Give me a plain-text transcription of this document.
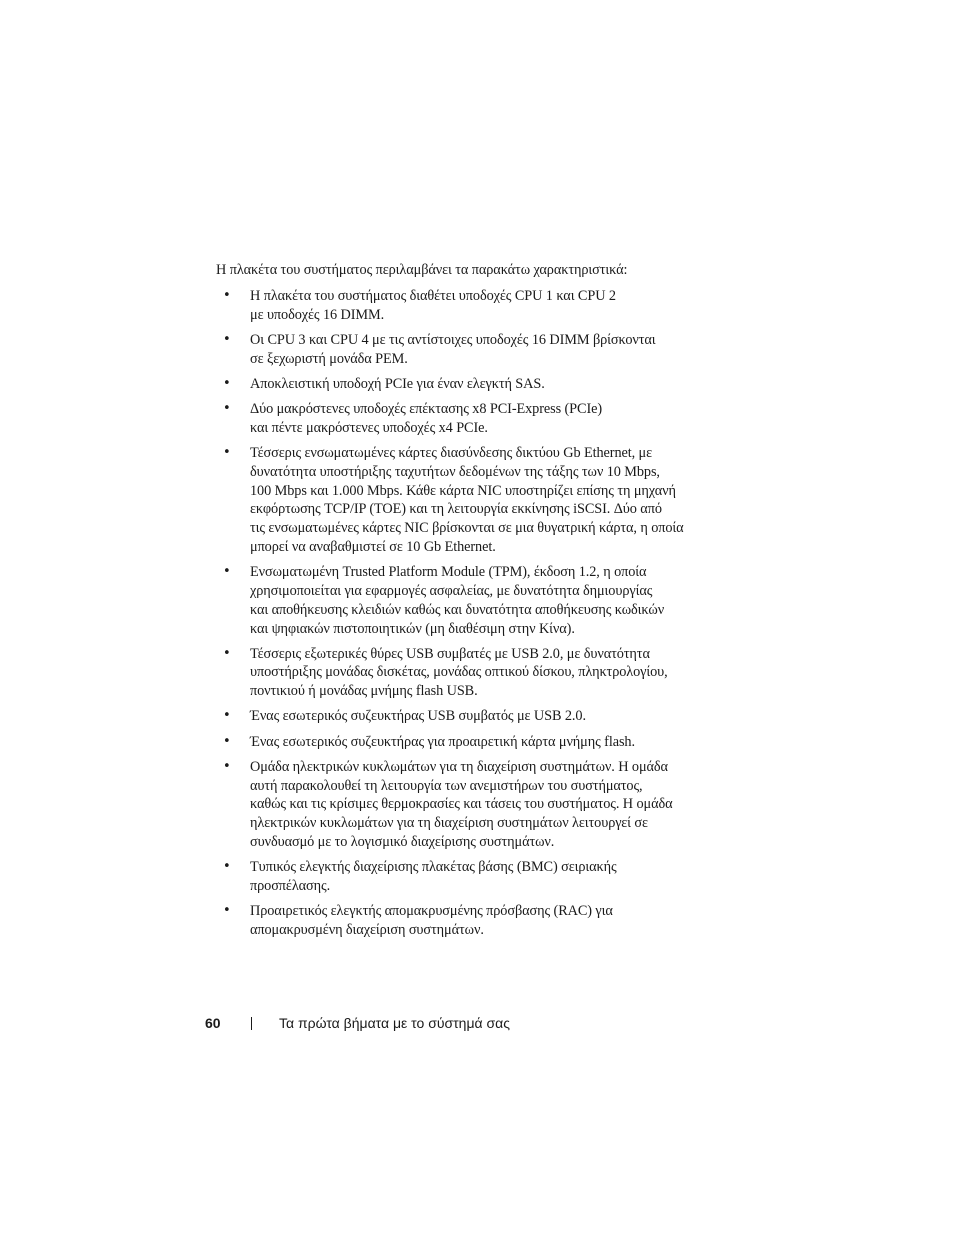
Η πλακέτα του συστήματος περιλαμβάνει τα παρακάτω χαρακτηριστικά:

• Η πλακέτα του συστήματος διαθέτει υποδοχές CPU 1 και CPU 2
με υποδοχές 16 DIMM.
• Οι CPU 3 και CPU 4 με τις αντίστοιχες υποδοχές 16 DIMM βρίσκονται
σε ξεχωριστή μονάδα PEM.
• Αποκλειστική υποδοχή PCIe για έναν ελεγκτή SAS.
• Δύο μακρόστενες υποδοχές επέκτασης x8 PCI-Express (PCIe)
και πέντε μακρόστενες υποδοχές x4 PCIe.
• Τέσσερις ενσωματωμένες κάρτες διασύνδεσης δικτύου Gb Ethernet, με
δυνατότητα υποστήριξης ταχυτήτων δεδομένων της τάξης των 10 Mbps,
100 Mbps και 1.000 Mbps. Κάθε κάρτα NIC υποστηρίζει επίσης τη μηχανή
εκφόρτωσης TCP/IP (TOE) και τη λειτουργία εκκίνησης iSCSI. Δύο από
τις ενσωματωμένες κάρτες NIC βρίσκονται σε μια θυγατρική κάρτα, η οποία
μπορεί να αναβαθμιστεί σε 10 Gb Ethernet.
• Ενσωματωμένη Trusted Platform Module (TPM), έκδοση 1.2, η οποία
χρησιμοποιείται για εφαρμογές ασφαλείας, με δυνατότητα δημιουργίας
και αποθήκευσης κλειδιών καθώς και δυνατότητα αποθήκευσης κωδικών
και ψηφιακών πιστοποιητικών (μη διαθέσιμη στην Κίνα).
• Τέσσερις εξωτερικές θύρες USB συμβατές με USB 2.0, με δυνατότητα
υποστήριξης μονάδας δισκέτας, μονάδας οπτικού δίσκου, πληκτρολογίου,
ποντικιού ή μονάδας μνήμης flash USB.
• Ένας εσωτερικός συζευκτήρας USB συμβατός με USB 2.0.
• Ένας εσωτερικός συζευκτήρας για προαιρετική κάρτα μνήμης flash.
• Ομάδα ηλεκτρικών κυκλωμάτων για τη διαχείριση συστημάτων. Η ομάδα
αυτή παρακολουθεί τη λειτουργία των ανεμιστήρων του συστήματος,
καθώς και τις κρίσιμες θερμοκρασίες και τάσεις του συστήματος. Η ομάδα
ηλεκτρικών κυκλωμάτων για τη διαχείριση συστημάτων λειτουργεί σε
συνδυασμό με το λογισμικό διαχείρισης συστημάτων.
• Τυπικός ελεγκτής διαχείρισης πλακέτας βάσης (BMC) σειριακής
προσπέλασης.
• Προαιρετικός ελεγκτής απομακρυσμένης πρόσβασης (RAC) για
απομακρυσμένη διαχείριση συστημάτων.
60	Τα πρώτα βήματα με το σύστημά σας
